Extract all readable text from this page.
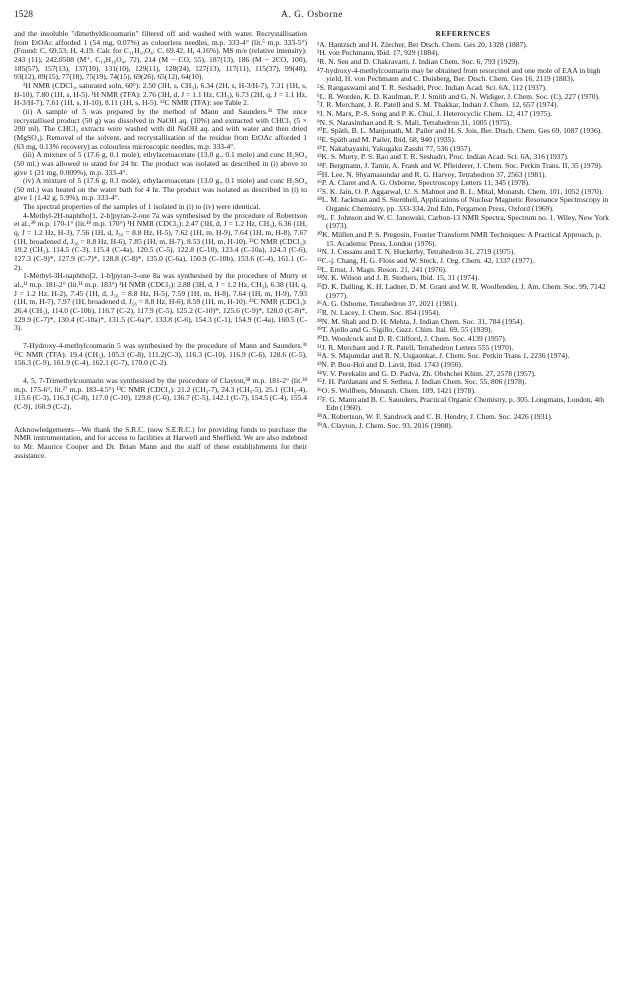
1528	A. G. Osborne

and the insoluble "dimethyldicoumarin" filtered off and washed with water. Recrystallisation from EtOAc afforded 1 (54 mg, 0.07%) as colourless needles, m.p. 333-4° (lit.⁵ m.p. 333-5°) (Found: C, 69.53; H, 4.19. Calc for C₁₁H₁₀O₄: C, 69.42, H, 4.16%). MS m/e (relative intensity): 243 (11), 242.0508 (M⁺, C₁₄H₁₀O₄, 72), 214 (M − CO, 55), 187(13), 186 (M − 2CO, 100), 185(57), 157(13), 137(10), 131(10), 129(11), 128(24), 127(13), 117(11), 115(37), 99(48), 93(12), 89(15), 77(18), 75(19), 74(15), 69(26), 65(12), 64(10).

¹H NMR (CDCl₃, saturated soln, 60°): 2.50 (3H, s, CH₃), 6.34 (2H, s, H-3/H-7), 7.31 (1H, s, H-10), 7.80 (1H, s, H-5). ¹H NMR (TFA): 2.76 (3H, d, J = 1.1 Hz, CH₃), 6.73 (2H, q, J = 1.1 Hz, H-3/H-7), 7.61 (1H, s, H-10), 8.11 (1H, s, H-5). ¹³C NMR (TFA): see Table 2.

(ii) A sample of 5 was prepared by the method of Mann and Saunders.³¹ The once recrystallised product (50 g) was dissolved in NaOH aq. (10%) and extracted with CHCl₃ (5 × 200 ml). The CHCl₃ extracts were washed with dil NaOH aq. and with water and then dried (MgSO₄). Removal of the solvent, and recrystallisation of the residue from EtOAc afforded 1 (63 mg, 0.13% recovery) as colourless microscopic needles, m.p. 333-4°.

(iii) A mixture of 5 (17.6 g, 0.1 mole), ethylacetoacetate (13.0 g., 0.1 mole) and conc H₂SO₄ (50 ml.) was allowed to stand for 24 hr. The product was isolated as described in (i) above to give 1 (21 mg, 0.009%), m.p. 333-4°.

(iv) A mixture of 5 (17.6 g, 0.1 mole), ethylacetoacetate (13.0 g., 0.1 mole) and conc H₂SO₄ (50 ml.) was heated on the water bath for 4 hr. The product was isolated as described in (i) to give 1 (1.42 g, 5.9%), m.p. 333-4°.

The spectral properties of the samples of 1 isolated in (i) to (iv) were identical.

4-Methyl-2H-naphtho[1, 2-b]pyran-2-one 7a was synthesised by the procedure of Robertson et al.,³⁹ m.p. 170-1° (lit.¹⁸ m.p. 170°) ¹H NMR (CDCl₃): 2.47 (3H, d, J = 1.2 Hz, CH₃), 6.36 (1H, q, J = 1.2 Hz, H-3), 7.56 (1H, d, J₅₆ = 8.8 Hz, H-5), 7.62 (1H, m, H-9), 7.64 (1H, m, H-8), 7.67 (1H, broadened d, J₅₆ = 8.8 Hz, H-6), 7.85 (1H, m, H-7), 8.53 (1H, m, H-10). ¹³C NMR (CDCl₃): 19.2 (CH₃), 114.5 (C-3), 115.4 (C-4a), 120.5 (C-5), 122.8 (C-10), 123.4 (C-10a), 124.3 (C-6), 127.3 (C-9)*, 127.9 (C-7)*, 128.8 (C-8)*, 135.0 (C-6a), 150.9 (C-10b), 153.6 (C-4), 161.1 (C-2).

1-Methyl-3H-naphtho[2, 1-b]pyran-3-one 8a was synthesised by the procedure of Murty et al.,¹¹ m.p. 181-2° (lit.¹¹ m.p. 183°) ¹H NMR (CDCl₃): 2.88 (3H, d, J = 1.2 Hz, CH₃), 6.38 (1H, q, J = 1.2 Hz, H-2), 7.45 (1H, d, J₅₆ = 8.8 Hz, H-5), 7.59 (1H, m, H-8), 7.64 (1H, m, H-9), 7.93 (1H, m, H-7), 7.97 (1H, broadened d, J₅₆ = 8.8 Hz, H-6), 8.59 (1H, m, H-10). ¹³C NMR (CDCl₃): 26.4 (CH₃), 114.0 (C-10b), 116.7 (C-2), 117.9 (C-5), 125.2 (C-10)*, 125.6 (C-9)*, 128.0 (C-8)*, 129.9 (C-7)*, 130.4 (C-10a)*, 131.5 (C-6a)*, 133.8 (C-6), 154.3 (C-1), 154.9 (C-4a), 160.5 (C-3).

7-Hydroxy-4-methylcoumarin 5 was synthesised by the procedure of Mann and Saunders.³¹ ¹³C NMR (TFA): 19.4 (CH₃), 105.3 (C-8), 111.2(C-3), 116.3 (C-10), 116.9 (C-6), 128.6 (C-5), 156.3 (C-9), 161.9 (C-4), 162.1 (C-7), 170.0 (C-2).

4, 5, 7-Trimethylcoumarin was synthesised by the procedure of Clayton,³⁸ m.p. 181-2° (lit.³⁸ m.p. 175-6°, lit.²⁷ m.p. 183-4.5°) ¹³C NMR (CDCl₃): 21.2 (CH₃-7), 24.3 (CH₃-5), 25.1 (CH₃-4), 115.6 (C-3), 116.3 (C-8), 117.0 (C-10), 129.8 (C-6), 136.7 (C-5), 142.1 (C-7), 154.5 (C-4), 155.4 (C-9), 160.9 (C-2).

Acknowledgements—We thank the S.R.C. (now S.E.R.C.) for providing funds to purchase the NMR instrumentation, and for access to facilities at Harwell and Sheffield. We are also indebted to Mr. Maurice Cooper and Dr. Brian Mann and the staff of these establishments for their assistance.

REFERENCES

¹A. Hantzsch and H. Zürcher, Ber Dtsch. Chem. Ges 20, 1328 (1887).

²H. von Pechmann, Ibid. 17, 929 (1884).

³R. N. Sen and D. Chakravarti, J. Indian Chem. Soc. 6, 793 (1929).

⁴7-hydroxy-4-methylcoumarin may be obtained from resorcinol and one mole of EAA in high yield, H. von Pechmann and C. Duisberg, Ber. Dtsch. Chem. Ges 16, 2119 (1883).

⁵S. Rangaswami and T. R. Seshadri, Proc. Indian Acad. Sci. 6A, 112 (1937).

⁶L. R. Worden, K. D. Kaufman, P. J. Smith and G. N. Widiger, J. Chem. Soc. (C), 227 (1970).

⁷J. R. Merchant, J. R. Patell and S. M. Thakkar, Indian J. Chem. 12, 657 (1974).

⁸J. N. Marx, P.-S. Song and P. K. Chui, J. Heterocyclic Chem. 12, 417 (1975).

⁹N. S. Narasimhan and R. S. Mali, Tetrahedron 31, 1005 (1975).

¹⁰E. Späth, B. L. Manjunath, M. Pailer and H. S. Jois, Ber. Dtsch. Chem. Ges 69, 1087 (1936).

¹¹E. Späth and M. Pailer, Ibid. 68, 940 (1935).

¹²T. Nakabayashi, Yakugaku Zasshi 77, 536 (1957).

¹³K. S. Murty, P. S. Rao and T. R. Seshadri, Proc. Indian Acad. Sci. 6A, 316 (1937).

¹⁴F. Bergmann, J. Tamir, A. Frank and W. Pfleiderer, J. Chem. Soc. Perkin Trans. II, 35 (1979).

¹⁵H. Lee, N. Shyamasundar and R. G. Harvey, Tetrahedron 37, 2563 (1981).

¹⁶P. A. Claret and A. G. Osborne, Spectroscopy Letters 11, 345 (1978).

¹⁷S. K. Jain, O. P. Aggarwal, U. S. Mahnot and R. L. Mital, Monatsh. Chem. 101, 1052 (1970).

¹⁸L. M. Jackman and S. Sternhell, Applications of Nuclear Magnetic Resonance Spectroscopy in Organic Chemistry, pp. 333-334, 2nd Edn, Pergamon Press, Oxford (1969).

¹⁹L. F. Johnson and W. C. Janowski, Carbon-13 NMR Spectra, Spectrum no. 1. Wiley, New York (1973).

²⁰K. Müllen and P. S. Pregosin, Fourier Transform NMR Techniques: A Practical Approach, p. 15. Academic Press, London (1976).

²¹N. J. Cussans and T. N. Huckerby, Tetrahedron 31, 2719 (1975).

²²C.-j. Chang, H. G. Floss and W. Steck, J. Org. Chem. 42, 1337 (1977).

²³L. Ernst, J. Magn. Reson. 21, 241 (1976).

²⁴N. K. Wilson and J. B. Stothers, Ibid. 15, 31 (1974).

²⁵D. K. Dalling, K. H. Ladner, D. M. Grant and W. R. Woolfenden, J. Am. Chem. Soc. 99, 7142 (1977).

²⁶A. G. Osborne, Tetrahedron 37, 2021 (1981).

²⁷R. N. Lacey, J. Chem. Soc. 854 (1954).

²⁸N. M. Shah and D. H. Mehta, J. Indian Chem. Soc. 31, 784 (1954).

²⁹T. Ajello and G. Sigillo, Gazz. Chim. Ital. 69, 55 (1939).

³⁰D. Woodcock and D. R. Clifford, J. Chem. Soc. 4139 (1957).

³¹J. R. Merchant and J. R. Patell, Tetrahedron Letters 555 (1970).

³²A. S. Majumdar and R. N. Usgaonkar, J. Chem. Soc. Perkin Trans 1, 2236 (1974).

³³N. P. Buu-Hoï and D. Lavit, Ibid. 1743 (1956).

³⁴V. V. Perekalin and G. D. Padva, Zh. Obshchei Khim. 27, 2578 (1957).

³⁵J. H. Pardanani and S. Sethna, J. Indian Chem. Soc. 55, 806 (1978).

³⁶O. S. Wolfbeis, Monatsh. Chem. 109, 1421 (1978).

³⁷F. G. Mann and B. C. Saunders, Practical Organic Chemistry, p. 305. Longmans, London, 4th Edn (1960).

³⁸A. Robertson, W. F. Sandrock and C. B. Hendry, J. Chem. Soc. 2426 (1931).

³⁹A. Clayton, J. Chem. Soc. 93, 2016 (1908).
